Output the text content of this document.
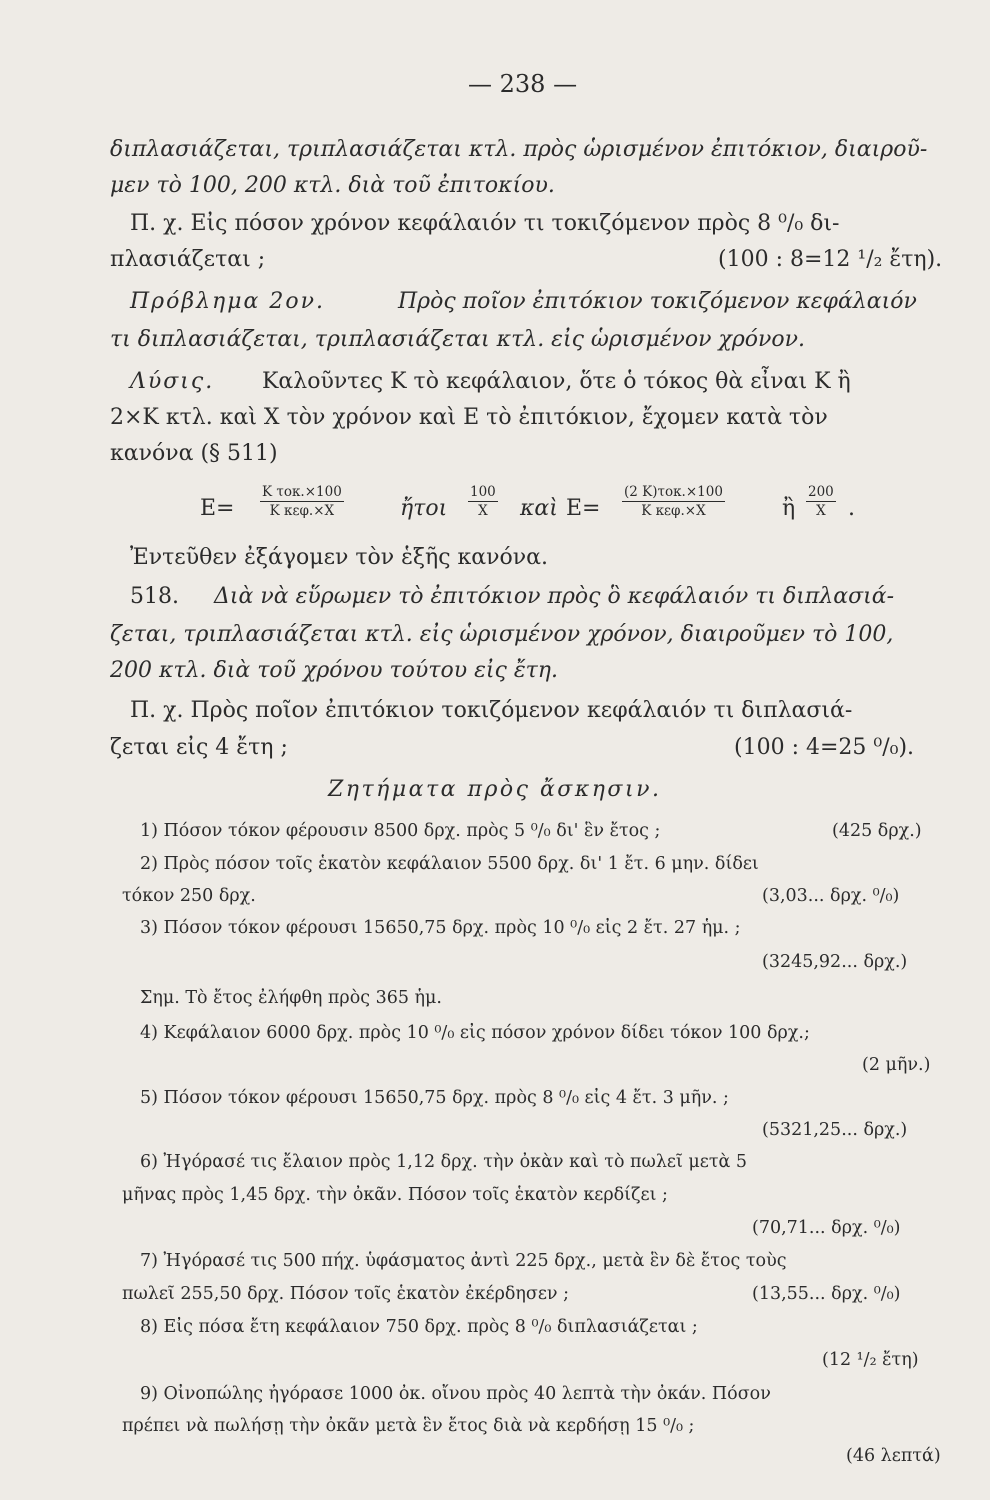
— 238 —
διπλασιάζεται, τριπλασιάζεται κτλ. πρὸς ὡρισμένον ἐπιτόκιον, διαιροῦ-
μεν τὸ 100, 200 κτλ. διὰ τοῦ ἐπιτοκίου.
Π. χ. Εἰς πόσον χρόνον κεφάλαιόν τι τοκιζόμενον πρὸς 8 ⁰/₀ δι-
πλασιάζεται ;	(100 : 8=12 ¹/₂ ἔτη).
Πρόβλημα 2ον.	Πρὸς ποῖον ἐπιτόκιον τοκιζόμενον κεφάλαιόν
τι διπλασιάζεται, τριπλασιάζεται κτλ. εἰς ὡρισμένον χρόνον.
Λύσις. Καλοῦντες Κ τὸ κεφάλαιον, ὅτε ὁ τόκος θὰ εἶναι Κ ἢ
2×Κ κτλ. καὶ Χ τὸν χρόνον καὶ Ε τὸ ἐπιτόκιον, ἔχομεν κατὰ τὸν
κανόνα (§ 511)
Ε=
Κ τοκ.×100
Κ κεφ.×Χ	ἤτοι $\frac{100}{X}$ καὶ Ε=
(2 Κ)τοκ.×100
Κ κεφ.×Χ	ἢ $\frac{200}{X}$ .
Ἐντεῦθεν ἐξάγομεν τὸν ἑξῆς κανόνα.
518. Διὰ νὰ εὕρωμεν τὸ ἐπιτόκιον πρὸς ὃ κεφάλαιόν τι διπλασιά-
ζεται, τριπλασιάζεται κτλ. εἰς ὡρισμένον χρόνον, διαιροῦμεν τὸ 100,
200 κτλ. διὰ τοῦ χρόνου τούτου εἰς ἔτη.
Π. χ. Πρὸς ποῖον ἐπιτόκιον τοκιζόμενον κεφάλαιόν τι διπλασιά-
ζεται εἰς 4 ἔτη ;	(100 : 4=25 ⁰/₀).
Ζητήματα πρὸς ἄσκησιν.
1) Πόσον τόκον φέρουσιν 8500 δρχ. πρὸς 5 ⁰/₀ δι' ἓν ἔτος ;	(425 δρχ.)
2) Πρὸς πόσον τοῖς ἑκατὸν κεφάλαιον 5500 δρχ. δι' 1 ἔτ. 6 μην. δίδει
τόκον 250 δρχ.	(3,03... δρχ. ⁰/₀)
3) Πόσον τόκον φέρουσι 15650,75 δρχ. πρὸς 10 ⁰/₀ εἰς 2 ἔτ. 27 ἡμ. ;
(3245,92... δρχ.)
Σημ. Τὸ ἔτος ἐλήφθη πρὸς 365 ἡμ.
4) Κεφάλαιον 6000 δρχ. πρὸς 10 ⁰/₀ εἰς πόσον χρόνον δίδει τόκον 100 δρχ.;
(2 μῆν.)
5) Πόσον τόκον φέρουσι 15650,75 δρχ. πρὸς 8 ⁰/₀ εἰς 4 ἔτ. 3 μῆν. ;
(5321,25... δρχ.)
6) Ἠγόρασέ τις ἔλαιον πρὸς 1,12 δρχ. τὴν ὀκὰν καὶ τὸ πωλεῖ μετὰ 5
μῆνας πρὸς 1,45 δρχ. τὴν ὀκᾶν. Πόσον τοῖς ἑκατὸν κερδίζει ;
(70,71... δρχ. ⁰/₀)
7) Ἠγόρασέ τις 500 πήχ. ὑφάσματος ἀντὶ 225 δρχ., μετὰ ἓν δὲ ἔτος τοὺς
πωλεῖ 255,50 δρχ. Πόσον τοῖς ἑκατὸν ἐκέρδησεν ;	(13,55... δρχ. ⁰/₀)
8) Εἰς πόσα ἔτη κεφάλαιον 750 δρχ. πρὸς 8 ⁰/₀ διπλασιάζεται ;
(12 ¹/₂ ἔτη)
9) Οἰνοπώλης ἠγόρασε 1000 ὀκ. οἴνου πρὸς 40 λεπτὰ τὴν ὀκάν. Πόσον
πρέπει νὰ πωλήσῃ τὴν ὀκᾶν μετὰ ἓν ἔτος διὰ νὰ κερδήσῃ 15 ⁰/₀ ;
(46 λεπτά)
